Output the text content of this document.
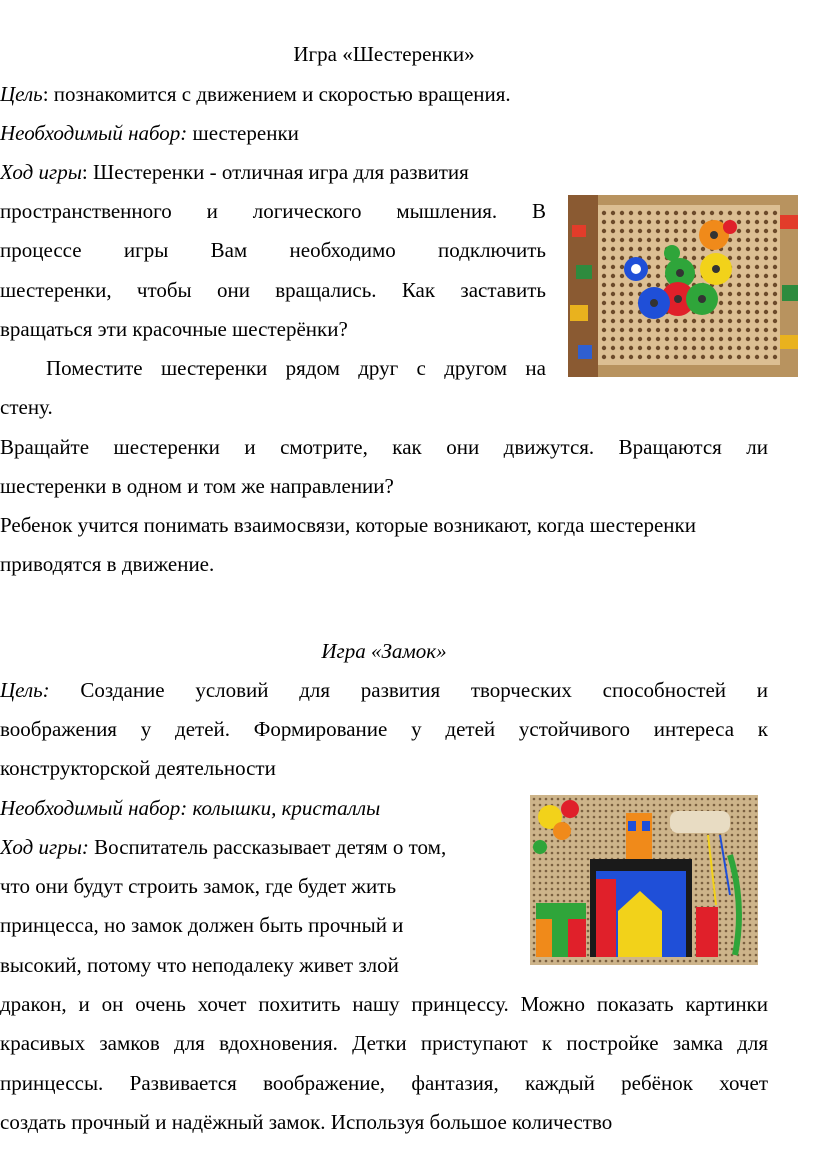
Игра «Шестеренки»
Цель: познакомится с движением и скоростью вращения.
Необходимый набор: шестеренки
Ход игры: Шестеренки - отличная игра для развития
пространственного и логического мышления. В
процессе игры Вам необходимо подключить
шестеренки, чтобы они вращались. Как заставить
вращаться эти красочные шестерёнки?
Поместите шестеренки рядом друг с другом на
стену.
Вращайте шестеренки и смотрите, как они движутся. Вращаются ли
шестеренки в одном и том же направлении?
Ребенок учится понимать взаимосвязи, которые возникают, когда шестеренки
приводятся в движение.
Игра «Замок»
Цель: Создание условий для развития творческих способностей и
воображения у детей. Формирование у детей устойчивого интереса к
конструкторской деятельности
Необходимый набор: колышки, кристаллы
Ход игры: Воспитатель рассказывает детям о том,
что они будут строить замок, где будет жить
принцесса, но замок должен быть прочный и
высокий, потому что неподалеку живет злой
дракон, и он очень хочет похитить нашу принцессу. Можно показать картинки
красивых замков для вдохновения. Детки приступают к постройке замка для
принцессы. Развивается воображение, фантазия, каждый ребёнок хочет
создать прочный и надёжный замок. Используя большое количество
